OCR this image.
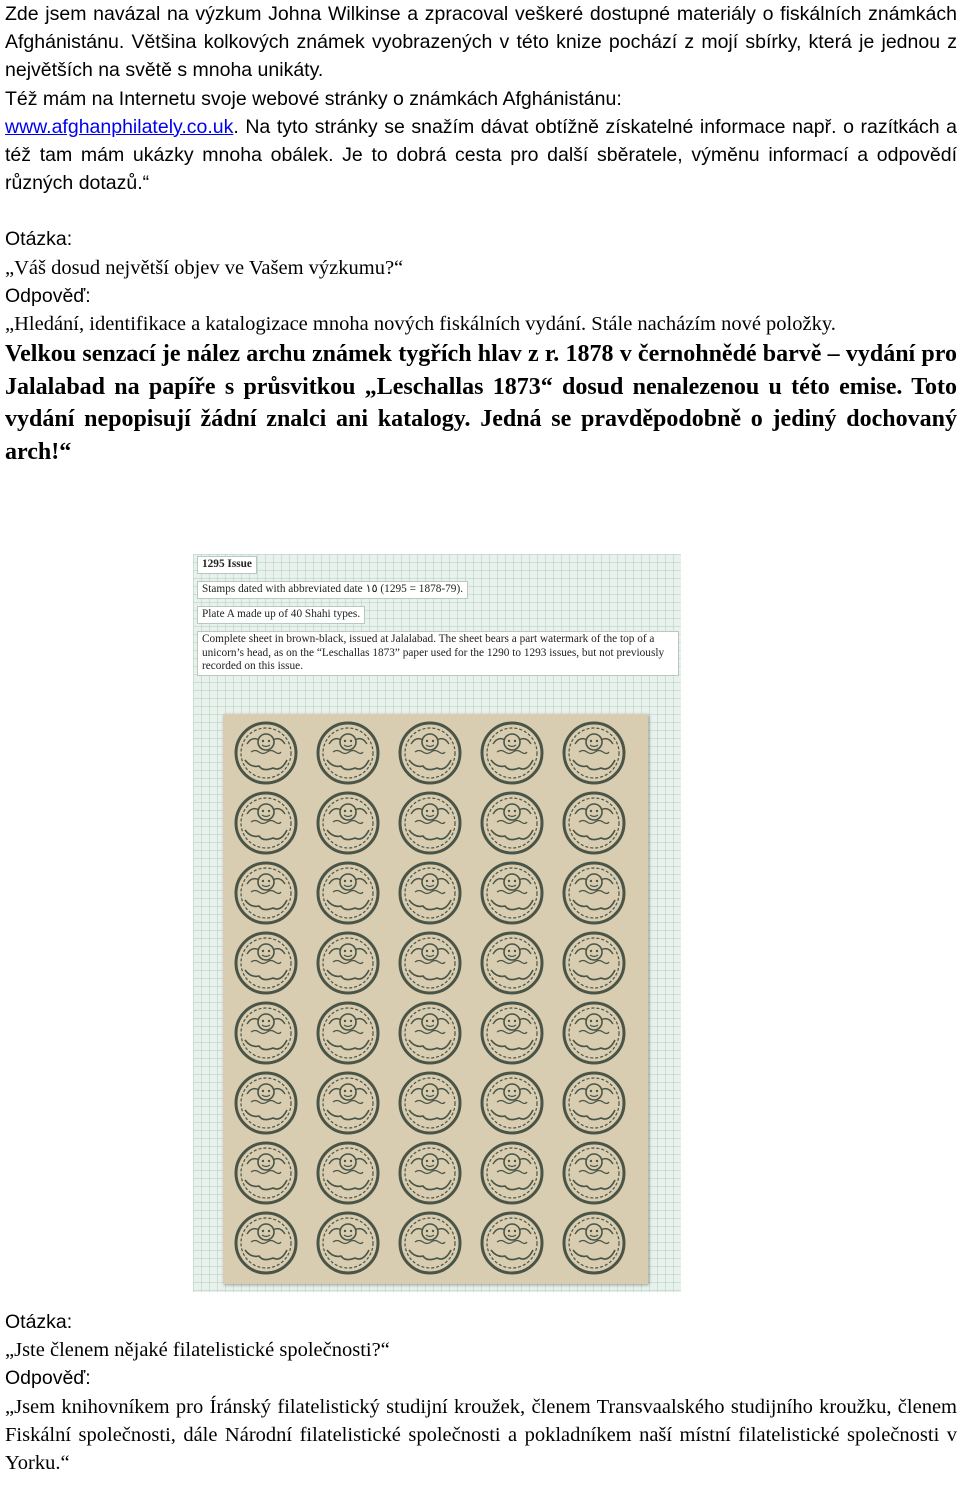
Zde jsem navázal na výzkum Johna Wilkinse a zpracoval veškeré dostupné materiály o fiskálních známkách Afghánistánu. Většina kolkových známek vyobrazených v této knize pochází z mojí sbírky, která je jednou z největších na světě s mnoha unikáty.

Též mám na Internetu svoje webové stránky o známkách Afghánistánu:
www.afghanphilately.co.uk. Na tyto stránky se snažím dávat obtížně získatelné informace např. o razítkách a též tam mám ukázky mnoha obálek. Je to dobrá cesta pro další sběratele, výměnu informací a odpovědí různých dotazů.“

Otázka:

„Váš dosud největší objev ve Vašem výzkumu?“

Odpověď:

„Hledání, identifikace a katalogizace mnoha nových fiskálních vydání. Stále nacházím nové položky.

Velkou senzací je nález archu známek tygřích hlav z r. 1878 v černohnědé barvě – vydání pro Jalalabad na papíře s průsvitkou „Leschallas 1873“ dosud nenalezenou u této emise. Toto vydání nepopisují žádní znalci ani katalogy. Jedná se pravděpodobně o jediný dochovaný arch!“

1295 Issue
Stamps dated with abbreviated date ١٥ (1295 = 1878-79).
Plate A made up of 40 Shahi types.
Complete sheet in brown-black, issued at Jalalabad. The sheet bears a part watermark of the top of a unicorn’s head, as on the “Leschallas 1873” paper used for the 1290 to 1293 issues, but not previously recorded on this issue.

Otázka:

„Jste členem nějaké filatelistické společnosti?“

Odpověď:

„Jsem knihovníkem pro Íránský filatelistický studijní kroužek, členem Transvaalského studijního kroužku, členem Fiskální společnosti, dále Národní filatelistické společnosti a pokladníkem naší místní filatelistické společnosti v Yorku.“
